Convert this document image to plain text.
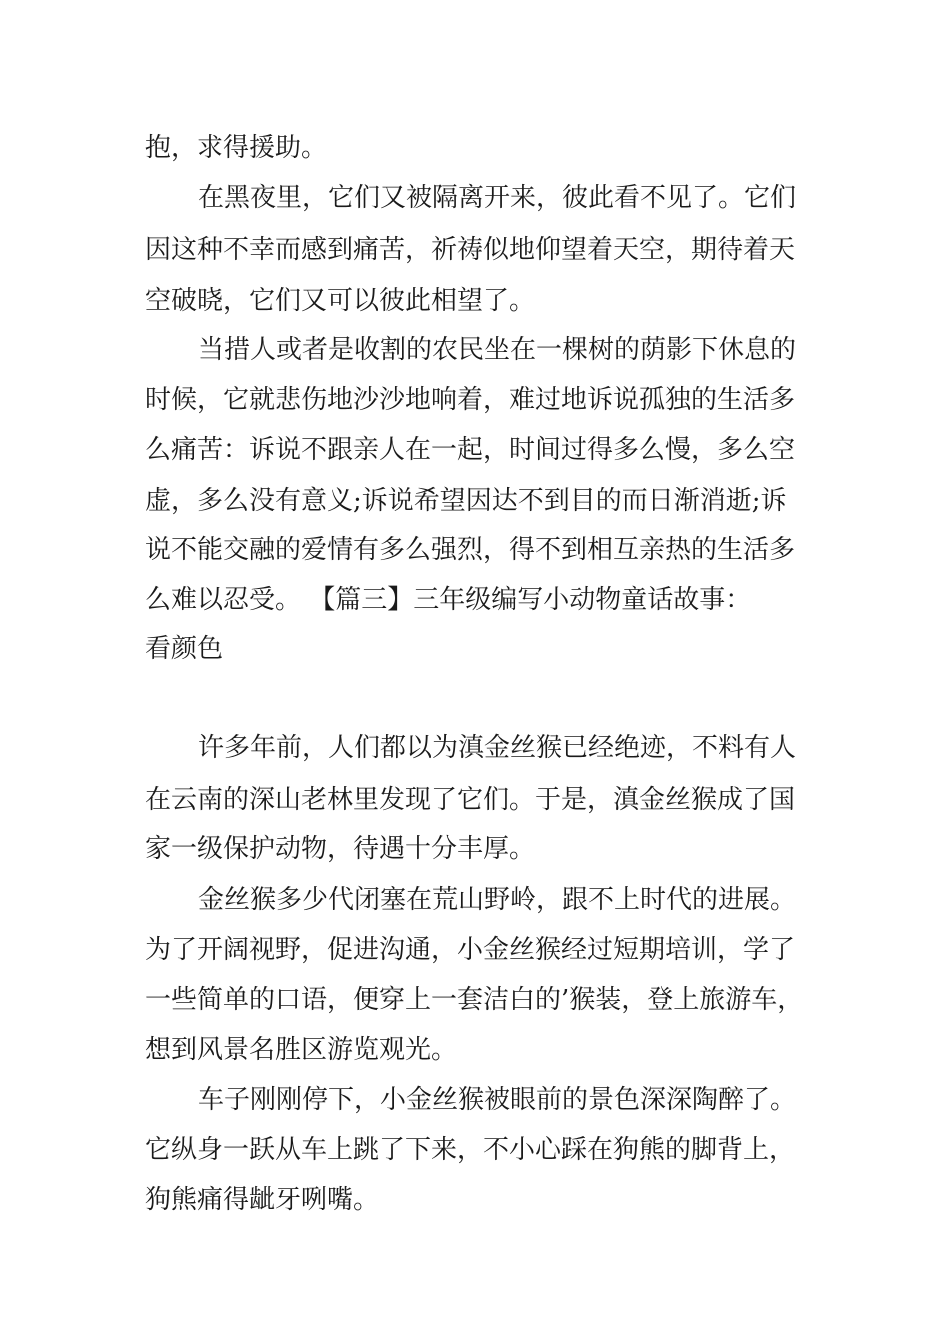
抱，求得援助。

在黑夜里，它们又被隔离开来，彼此看不见了。它们

因这种不幸而感到痛苦，祈祷似地仰望着天空，期待着天

空破晓，它们又可以彼此相望了。

当措人或者是收割的农民坐在一棵树的荫影下休息的

时候，它就悲伤地沙沙地响着，难过地诉说孤独的生活多

么痛苦：诉说不跟亲人在一起，时间过得多么慢，多么空

虚，多么没有意义;诉说希望因达不到目的而日渐消逝;诉

说不能交融的爱情有多么强烈，得不到相互亲热的生活多

么难以忍受。 【篇三】三年级编写小动物童话故事：

看颜色

许多年前，人们都以为滇金丝猴已经绝迹，不料有人

在云南的深山老林里发现了它们。于是，滇金丝猴成了国

家一级保护动物，待遇十分丰厚。

金丝猴多少代闭塞在荒山野岭，跟不上时代的进展。

为了开阔视野，促进沟通，小金丝猴经过短期培训，学了

一些简单的口语，便穿上一套洁白的’猴装，登上旅游车，

想到风景名胜区游览观光。

车子刚刚停下，小金丝猴被眼前的景色深深陶醉了。

它纵身一跃从车上跳了下来，不小心踩在狗熊的脚背上，

狗熊痛得龇牙咧嘴。
